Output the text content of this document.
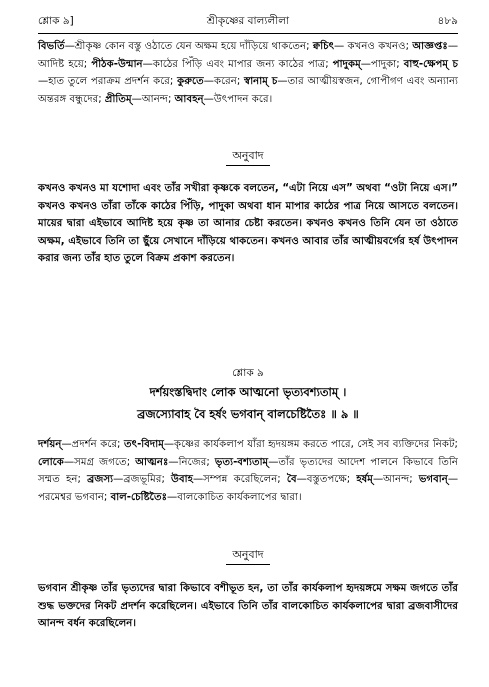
শ্লোক ৯]	শ্রীকৃষ্ণের বাল্যলীলা	৪৮৯
বিভর্তি—শ্রীকৃষ্ণ কোন বস্তু ওঠাতে যেন অক্ষম হয়ে দাঁড়িয়ে থাকতেন; ক্বচিৎ— কখনও কখনও; আজ্ঞপ্তঃ—আদিষ্ট হয়ে; পীঠক-উন্মান—কাঠের পিঁড়ি এবং মাপার জন্য কাঠের পাত্র; পাদুকম্—পাদুকা; বাহু-ক্ষেপম্ চ—হাত তুলে পরাক্রম প্রদর্শন করে; কুরুতে—করেন; স্বানাম্ চ—তার আত্মীয়স্বজন, গোপীগণ এবং অন্যান্য অন্তরঙ্গ বন্ধুদের; প্রীতিম্—আনন্দ; আবহন্—উৎপাদন করে।
অনুবাদ
কখনও কখনও মা যশোদা এবং তাঁর সখীরা কৃষ্ণকে বলতেন, “এটা নিয়ে এস” অথবা “ওটা নিয়ে এস।” কখনও কখনও তাঁরা তাঁকে কাঠের পিঁড়ি, পাদুকা অথবা ধান মাপার কাঠের পাত্র নিয়ে আসতে বলতেন। মায়ের দ্বারা এইভাবে আদিষ্ট হয়ে কৃষ্ণ তা আনার চেষ্টা করতেন। কখনও কখনও তিনি যেন তা ওঠাতে অক্ষম, এইভাবে তিনি তা ছুঁয়ে সেখানে দাঁড়িয়ে থাকতেন। কখনও আবার তাঁর আত্মীয়বর্গের হর্ষ উৎপাদন করার জন্য তাঁর হাত তুলে বিক্রম প্রকাশ করতেন।
শ্লোক ৯
দর্শয়ংস্তদ্বিদাং লোক আত্মনো ভৃত্যবশ্যতাম্ ।
ব্রজস্যোবাহ বৈ হর্ষং ভগবান্ বালচেষ্টিতৈঃ ॥ ৯ ॥
দর্শয়ন্—প্রদর্শন করে; তৎ-বিদাম্—কৃষ্ণের কার্যকলাপ যাঁরা হৃদয়ঙ্গম করতে পারে, সেই সব ব্যক্তিদের নিকট; লোকে—সমগ্র জগতে; আত্মনঃ—নিজের; ভৃত্য-বশ্যতাম্—তাঁর ভৃত্যদের আদেশ পালনে কিভাবে তিনি সম্মত হন; ব্রজস্য—ব্রজভূমির; উবাহ—সম্পন্ন করেছিলেন; বৈ—বস্তুতপক্ষে; হর্ষম্—আনন্দ; ভগবান্—পরমেশ্বর ভগবান; বাল-চেষ্টিতৈঃ—বালকোচিত কার্যকলাপের দ্বারা।
অনুবাদ
ভগবান শ্রীকৃষ্ণ তাঁর ভৃত্যদের দ্বারা কিভাবে বশীভূত হন, তা তাঁর কার্যকলাপ হৃদয়ঙ্গমে সক্ষম জগতে তাঁর শুদ্ধ ভক্তদের নিকট প্রদর্শন করেছিলেন। এইভাবে তিনি তাঁর বালকোচিত কার্যকলাপের দ্বারা ব্রজবাসীদের আনন্দ বর্ধন করেছিলেন।
